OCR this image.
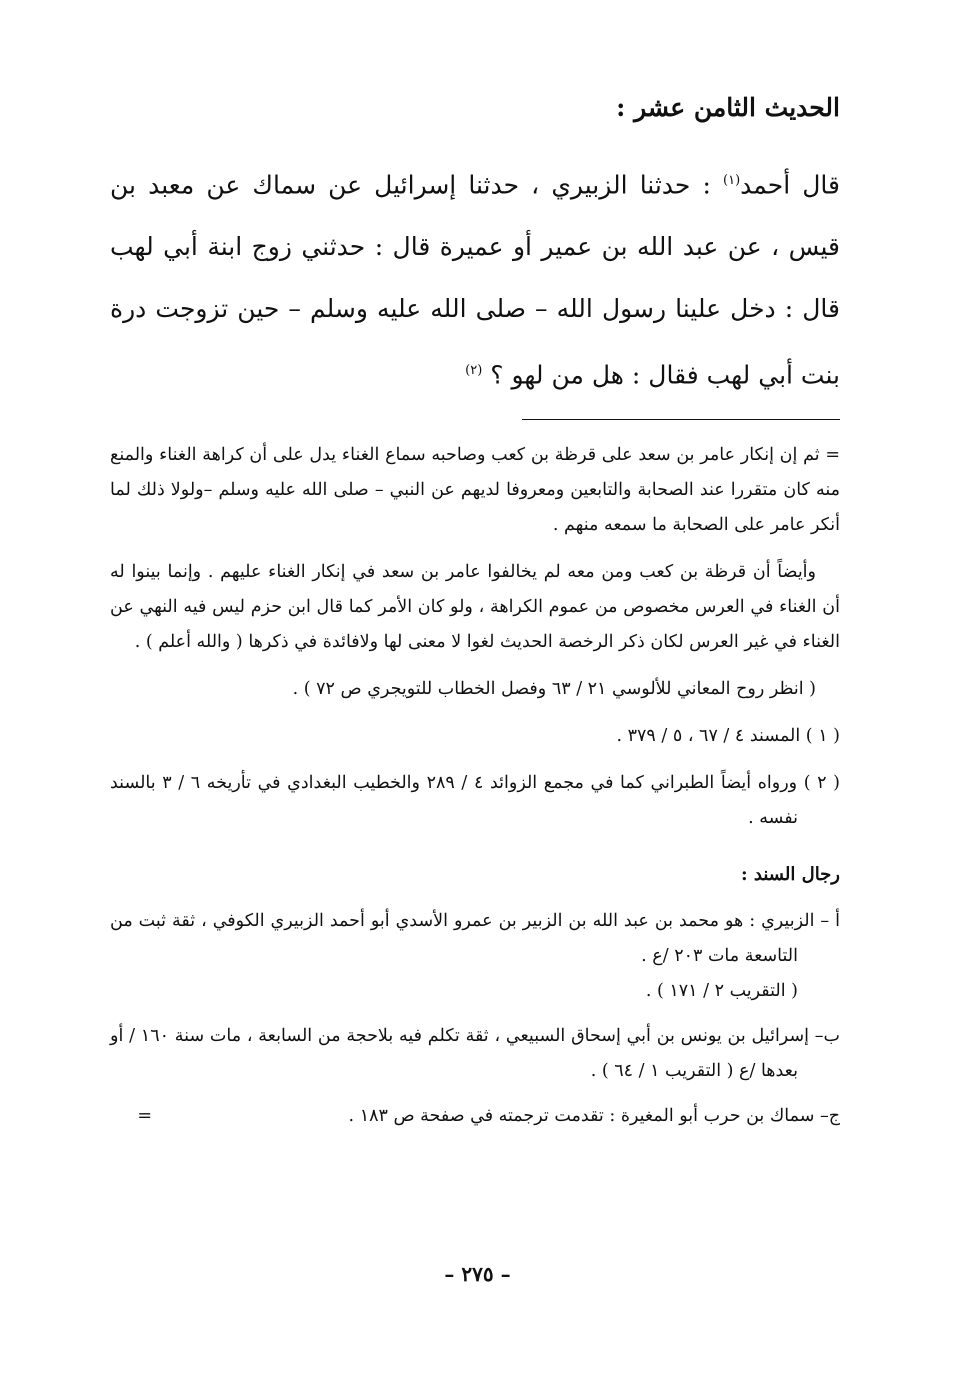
الحديث الثامن عشر :
قال أحمد$^{(١)}$ : حدثنا الزبيري ، حدثنا إسرائيل عن سماك عن معبد بن قيس ، عن عبد الله بن عمير أو عميرة قال : حدثني زوج ابنة أبي لهب قال : دخل علينا رسول الله – صلى الله عليه وسلم – حين تزوجت درة بنت أبي لهب فقال : هل من لهو ؟ $^{(٢)}$
= ثم إن إنكار عامر بن سعد على قرظة بن كعب وصاحبه سماع الغناء يدل على أن كراهة الغناء والمنع منه كان متقررا عند الصحابة والتابعين ومعروفا لديهم عن النبي – صلى الله عليه وسلم –ولولا ذلك لما أنكر عامر على الصحابة ما سمعه منهم .
وأيضاً أن قرظة بن كعب ومن معه لم يخالفوا عامر بن سعد في إنكار الغناء عليهم . وإنما بينوا له أن الغناء في العرس مخصوص من عموم الكراهة ، ولو كان الأمر كما قال ابن حزم ليس فيه النهي عن الغناء في غير العرس لكان ذكر الرخصة الحديث لغوا لا معنى لها ولافائدة في ذكرها ( والله أعلم ) .
( انظر روح المعاني للألوسي ٢١ / ٦٣ وفصل الخطاب للتويجري ص ٧٢ ) .
( ١ ) المسند ٤ / ٦٧ ، ٥ / ٣٧٩ .
( ٢ ) ورواه أيضاً الطبراني كما في مجمع الزوائد ٤ / ٢٨٩ والخطيب البغدادي في تأريخه ٦ / ٣ بالسند نفسه .
رجال السند :
أ – الزبيري : هو محمد بن عبد الله بن الزبير بن عمرو الأسدي أبو أحمد الزبيري الكوفي ، ثقة ثبت من التاسعة مات ٢٠٣ /ع .
( التقريب ٢ / ١٧١ ) .
ب– إسرائيل بن يونس بن أبي إسحاق السبيعي ، ثقة تكلم فيه بلاحجة من السابعة ، مات سنة ١٦٠ / أو بعدها /ع ( التقريب ١ / ٦٤ ) .
ج– سماك بن حرب أبو المغيرة : تقدمت ترجمته في صفحة ص ١٨٣ .
=
– ٢٧٥ –
